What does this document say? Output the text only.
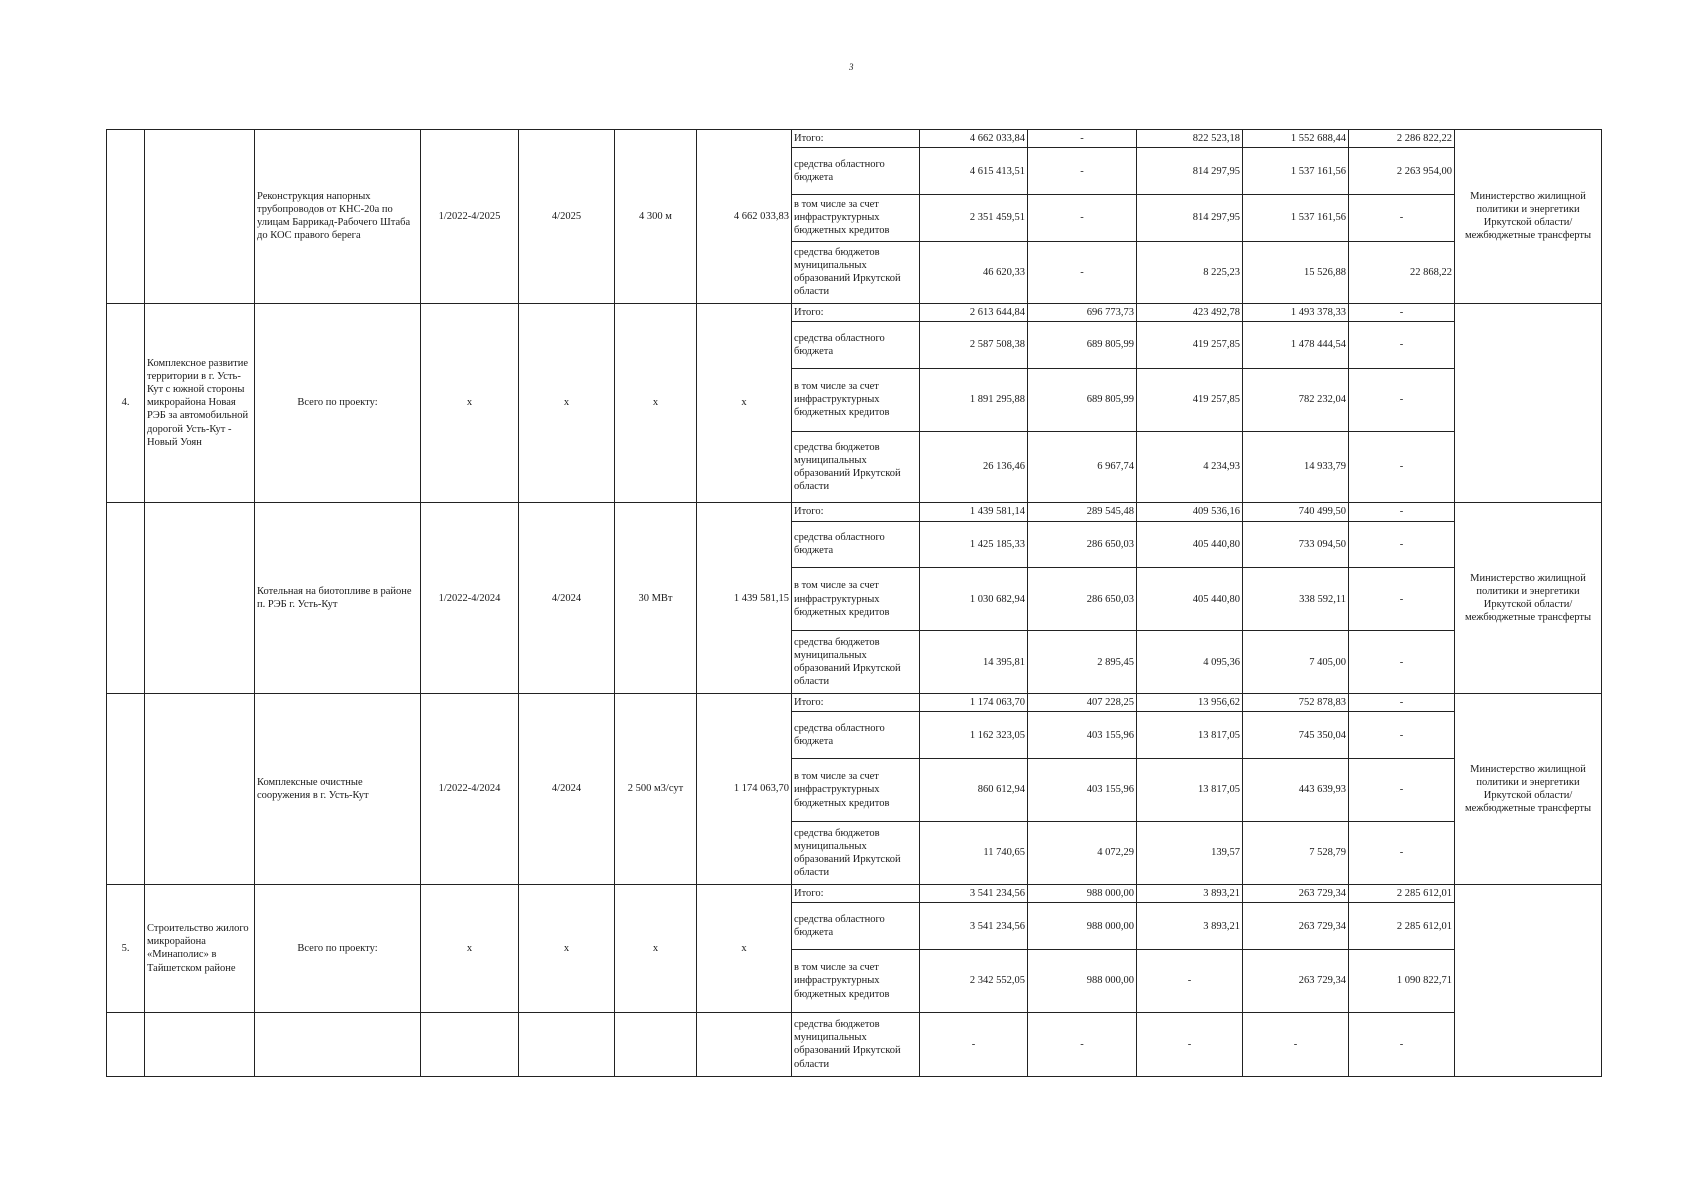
3
		Реконструкция напорных трубопроводов от КНС-20а по улицам Баррикад-Рабочего Штаба до КОС правого берега	1/2022-4/2025	4/2025	4 300 м	4 662 033,83	Итого:	4 662 033,84	-	822 523,18	1 552 688,44	2 286 822,22	Министерство жилищной политики и энергетики Иркутской области/ межбюджетные трансферты
							средства областного бюджета	4 615 413,51	-	814 297,95	1 537 161,56	2 263 954,00	
							в том числе за счет инфраструктурных бюджетных кредитов	2 351 459,51	-	814 297,95	1 537 161,56	-	
							средства бюджетов муниципальных образований Иркутской области	46 620,33	-	8 225,23	15 526,88	22 868,22	
4.	Комплексное развитие территории в г. Усть-Кут с южной стороны микрорайона Новая РЭБ за автомобильной дорогой Усть-Кут - Новый Уоян	Всего по проекту:	х	х	х	х	Итого:	2 613 644,84	696 773,73	423 492,78	1 493 378,33	-	
							средства областного бюджета	2 587 508,38	689 805,99	419 257,85	1 478 444,54	-	
							в том числе за счет инфраструктурных бюджетных кредитов	1 891 295,88	689 805,99	419 257,85	782 232,04	-	
							средства бюджетов муниципальных образований Иркутской области	26 136,46	6 967,74	4 234,93	14 933,79	-	
		Котельная на биотопливе в районе п. РЭБ г. Усть-Кут	1/2022-4/2024	4/2024	30 МВт	1 439 581,15	Итого:	1 439 581,14	289 545,48	409 536,16	740 499,50	-	Министерство жилищной политики и энергетики Иркутской области/ межбюджетные трансферты
							средства областного бюджета	1 425 185,33	286 650,03	405 440,80	733 094,50	-	
							в том числе за счет инфраструктурных бюджетных кредитов	1 030 682,94	286 650,03	405 440,80	338 592,11	-	
							средства бюджетов муниципальных образований Иркутской области	14 395,81	2 895,45	4 095,36	7 405,00	-	
		Комплексные очистные сооружения в г. Усть-Кут	1/2022-4/2024	4/2024	2 500 м3/сут	1 174 063,70	Итого:	1 174 063,70	407 228,25	13 956,62	752 878,83	-	Министерство жилищной политики и энергетики Иркутской области/ межбюджетные трансферты
							средства областного бюджета	1 162 323,05	403 155,96	13 817,05	745 350,04	-	
							в том числе за счет инфраструктурных бюджетных кредитов	860 612,94	403 155,96	13 817,05	443 639,93	-	
							средства бюджетов муниципальных образований Иркутской области	11 740,65	4 072,29	139,57	7 528,79	-	
5.	Строительство жилого микрорайона «Минаполис» в Тайшетском районе	Всего по проекту:	х	х	х	х	Итого:	3 541 234,56	988 000,00	3 893,21	263 729,34	2 285 612,01	
							средства областного бюджета	3 541 234,56	988 000,00	3 893,21	263 729,34	2 285 612,01	
							в том числе за счет инфраструктурных бюджетных кредитов	2 342 552,05	988 000,00	-	263 729,34	1 090 822,71	
							средства бюджетов муниципальных образований Иркутской области	-	-	-	-	-	
